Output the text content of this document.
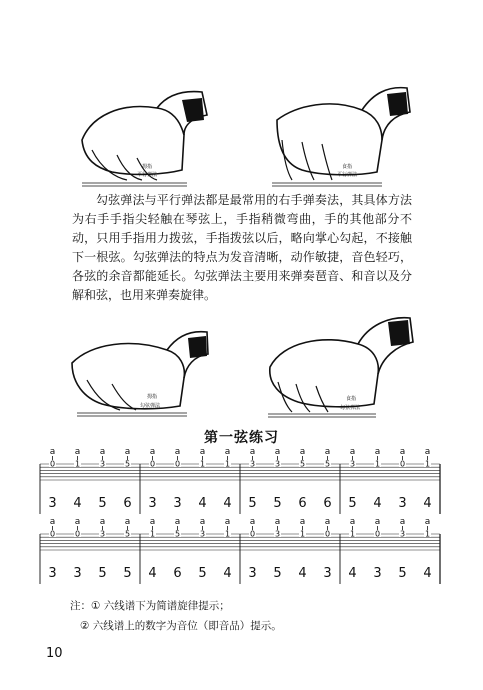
拇指
平行弹法
食指
平行弹法

勾弦弹法与平行弹法都是最常用的右手弹奏法，其具体方法为右手手指尖轻触在琴弦上，手指稍微弯曲，手的其他部分不动，只用手指用力拨弦，手指拨弦以后，略向掌心勾起，不接触下一根弦。勾弦弹法的特点为发音清晰，动作敏捷，音色轻巧，各弦的余音都能延长。勾弦弹法主要用来弹奏琶音、和音以及分解和弦，也用来弹奏旋律。

拇指
勾弦弹法
食指
勾弦弹法
第一弦练习
a
0
3
a
1
4
a
3
5
a
5
6
a
0
3
a
0
3
a
1
4
a
1
4
a
3
5
a
3
5
a
5
6
a
5
6
a
3
5
a
1
4
a
0
3
a
1
4
a
0
3
a
0
3
a
3
5
a
5
5
a
1
4
a
5
6
a
3
5
a
1
4
a
0
3
a
3
5
a
1
4
a
0
3
a
1
4
a
0
3
a
3
5
a
1
4
注：① 六线谱下为简谱旋律提示；
② 六线谱上的数字为音位（即音品）提示。
10
